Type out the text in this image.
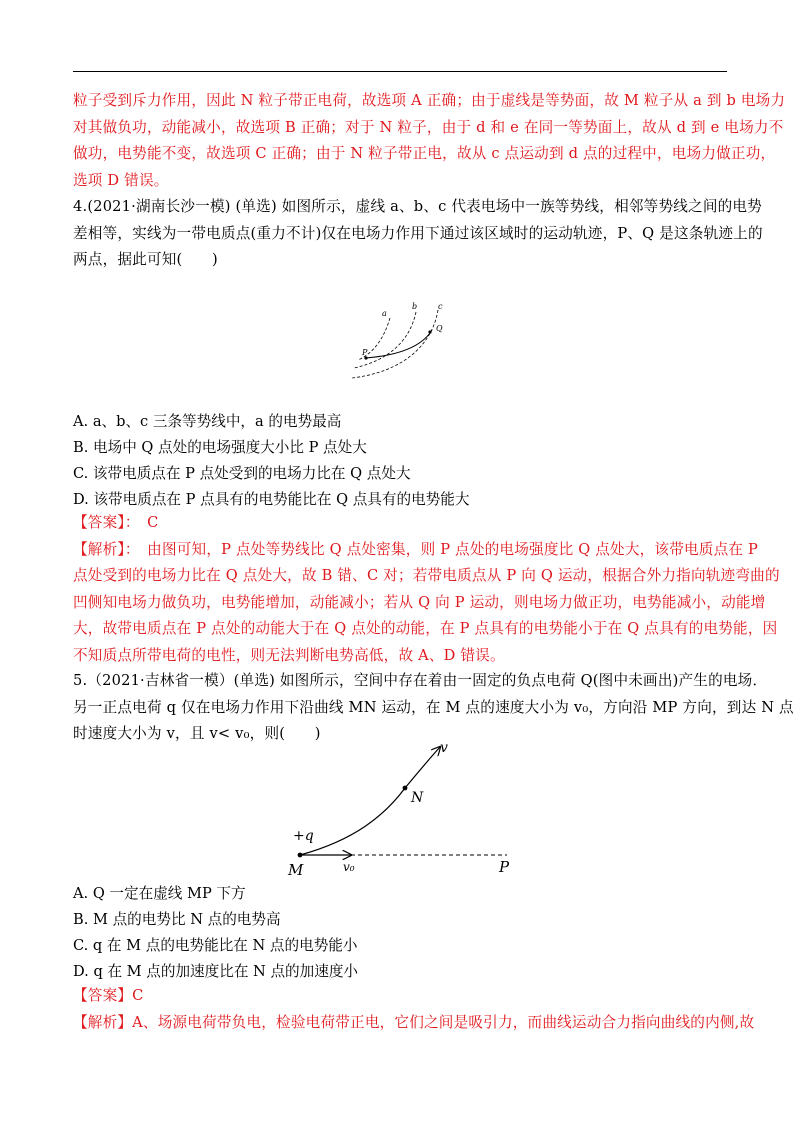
粒子受到斥力作用，因此 N 粒子带正电荷，故选项 A 正确；由于虚线是等势面，故 M 粒子从 a 到 b 电场力
对其做负功，动能减小，故选项 B 正确；对于 N 粒子，由于 d 和 e 在同一等势面上，故从 d 到 e 电场力不
做功，电势能不变，故选项 C 正确；由于 N 粒子带正电，故从 c 点运动到 d 点的过程中，电场力做正功，
选项 D 错误。
4.(2021·湖南长沙一模) (单选) 如图所示，虚线 a、b、c 代表电场中一族等势线，相邻等势线之间的电势
差相等，实线为一带电质点(重力不计)仅在电场力作用下通过该区域时的运动轨迹，P、Q 是这条轨迹上的
两点，据此可知(　　)
a
b	c
P
Q
A. a、b、c 三条等势线中，a 的电势最高
B. 电场中 Q 点处的电场强度大小比 P 点处大
C. 该带电质点在 P 点处受到的电场力比在 Q 点处大
D. 该带电质点在 P 点具有的电势能比在 Q 点具有的电势能大
【答案】：　C
【解析】：　由图可知，P 点处等势线比 Q 点处密集，则 P 点处的电场强度比 Q 点处大，该带电质点在 P
点处受到的电场力比在 Q 点处大，故 B 错、C 对；若带电质点从 P 向 Q 运动，根据合外力指向轨迹弯曲的
凹侧知电场力做负功，电势能增加，动能减小；若从 Q 向 P 运动，则电场力做正功，电势能减小，动能增
大，故带电质点在 P 点处的动能大于在 Q 点处的动能，在 P 点具有的电势能小于在 Q 点具有的电势能，因
不知质点所带电荷的电性，则无法判断电势高低，故 A、D 错误。
5.（2021·吉林省一模）(单选) 如图所示，空间中存在着由一固定的负点电荷 Q(图中未画出)产生的电场．
另一正点电荷 q 仅在电场力作用下沿曲线 MN 运动，在 M 点的速度大小为 v₀，方向沿 MP 方向，到达 N 点
时速度大小为 v，且 v< v₀，则(　　)
v
N
+q
M	v₀	P
A. Q 一定在虚线 MP 下方
B. M 点的电势比 N 点的电势高
C. q 在 M 点的电势能比在 N 点的电势能小
D. q 在 M 点的加速度比在 N 点的加速度小
【答案】C
【解析】A、场源电荷带负电，检验电荷带正电，它们之间是吸引力，而曲线运动合力指向曲线的内侧,故
